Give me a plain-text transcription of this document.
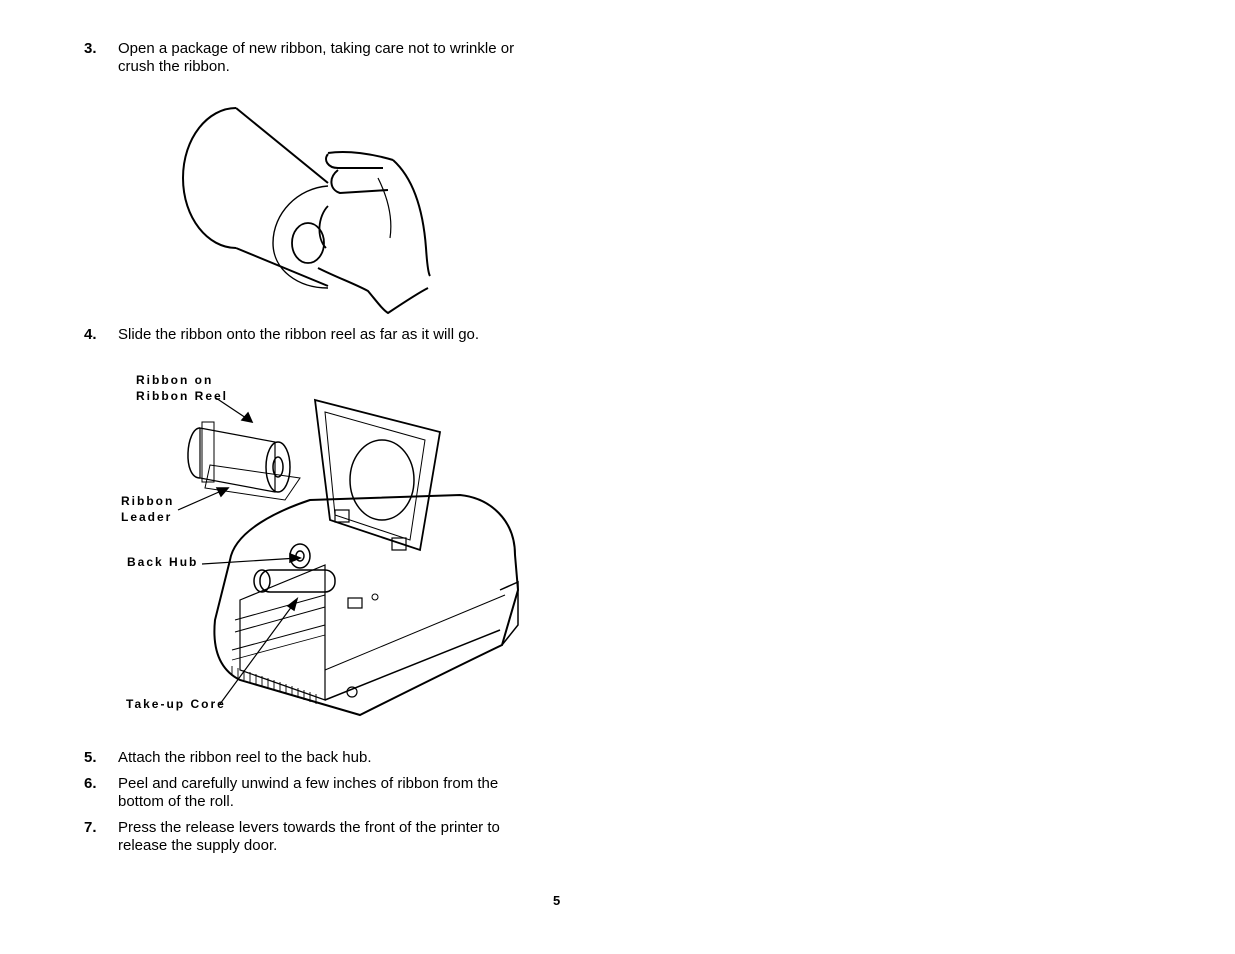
3. Open a package of new ribbon, taking care not to wrinkle or crush the ribbon.
4. Slide the ribbon onto the ribbon reel as far as it will go.
Ribbon on
Ribbon Reel
Ribbon
Leader
Back Hub
Take-up Core
5. Attach the ribbon reel to the back hub.
6. Peel and carefully unwind a few inches of ribbon from the bottom of the roll.
7. Press the release levers towards the front of the printer to release the supply door.
5
